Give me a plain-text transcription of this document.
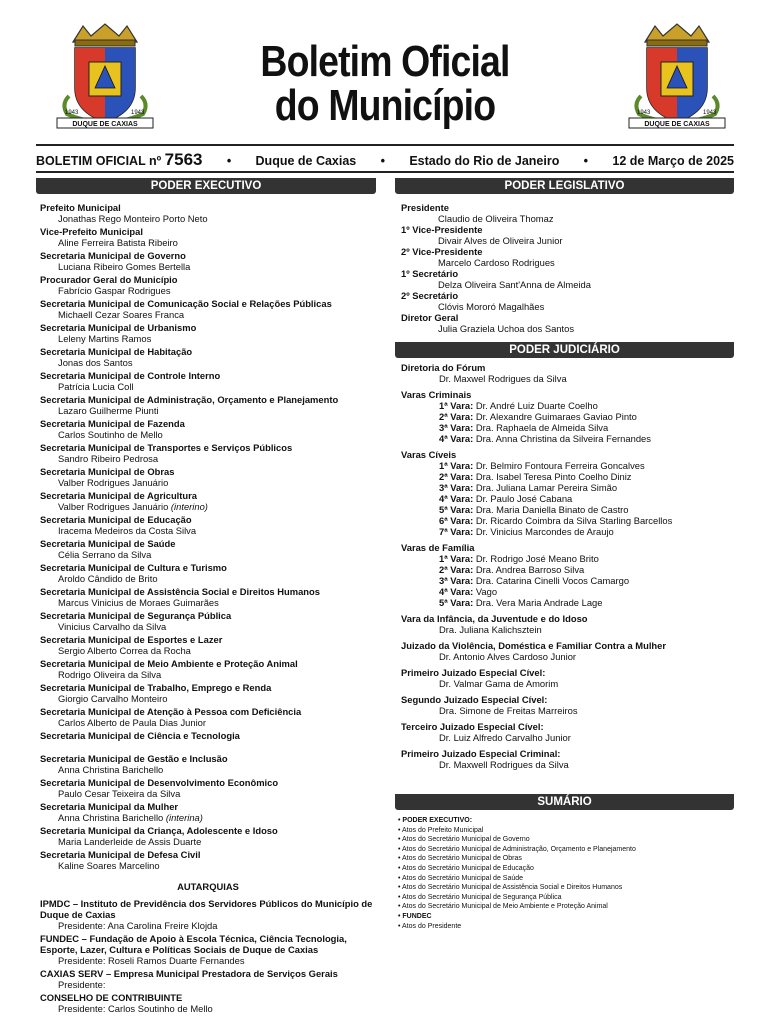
DUQUE DE CAXIAS
1943	1943
Boletim Oficial
do Município	DUQUE DE CAXIAS
1943	1943
BOLETIM OFICIAL nº 7563 • Duque de Caxias • Estado do Rio de Janeiro • 12 de Março de 2025
PODER EXECUTIVO	PODER LEGISLATIVO
Prefeito Municipal
Jonathas Rego Monteiro Porto Neto
Vice-Prefeito Municipal
Aline Ferreira Batista Ribeiro
Secretaria Municipal de Governo
Luciana Ribeiro Gomes Bertella
Procurador Geral do Município
Fabrício Gaspar Rodrigues
Secretaria Municipal de Comunicação Social e Relações Públicas
Michaell Cezar Soares Franca
Secretaria Municipal de Urbanismo
Leleny Martins Ramos
Secretaria Municipal de Habitação
Jonas dos Santos
Secretaria Municipal de Controle Interno
Patrícia Lucia Coll
Secretaria Municipal de Administração, Orçamento e Planejamento
Lazaro Guilherme Piunti
Secretaria Municipal de Fazenda
Carlos Soutinho de Mello
Secretaria Municipal de Transportes e Serviços Públicos
Sandro Ribeiro Pedrosa
Secretaria Municipal de Obras
Valber Rodrigues Januário
Secretaria Municipal de Agricultura
Valber Rodrigues Januário (interino)
Secretaria Municipal de Educação
Iracema Medeiros da Costa Silva
Secretaria Municipal de Saúde
Célia Serrano da Silva
Secretaria Municipal de Cultura e Turismo
Aroldo Cândido de Brito
Secretaria Municipal de Assistência Social e Direitos Humanos
Marcus Vinicius de Moraes Guimarães
Secretaria Municipal de Segurança Pública
Vinicius Carvalho da Silva
Secretaria Municipal de Esportes e Lazer
Sergio Alberto Correa da Rocha
Secretaria Municipal de Meio Ambiente e Proteção Animal
Rodrigo Oliveira da Silva
Secretaria Municipal de Trabalho, Emprego e Renda
Giorgio Carvalho Monteiro
Secretaria Municipal de Atenção à Pessoa com Deficiência
Carlos Alberto de Paula Dias Junior
Secretaria Municipal de Ciência e Tecnologia
Secretaria Municipal de Gestão e Inclusão
Anna Christina Barichello
Secretaria Municipal de Desenvolvimento Econômico
Paulo Cesar Teixeira da Silva
Secretaria Municipal da Mulher
Anna Christina Barichello (interina)
Secretaria Municipal da Criança, Adolescente e Idoso
Maria Landerleide de Assis Duarte
Secretaria Municipal de Defesa Civil
Kaline Soares Marcelino
AUTARQUIAS
IPMDC – Instituto de Previdência dos Servidores Públicos do Município de Duque de Caxias
Presidente: Ana Carolina Freire Klojda
FUNDEC – Fundação de Apoio à Escola Técnica, Ciência Tecnologia, Esporte, Lazer, Cultura e Políticas Sociais de Duque de Caxias
Presidente: Roseli Ramos Duarte Fernandes
CAXIAS SERV – Empresa Municipal Prestadora de Serviços Gerais
Presidente:
CONSELHO DE CONTRIBUINTE
Presidente: Carlos Soutinho de Mello
Presidente
Claudio de Oliveira Thomaz
1º Vice-Presidente
Divair Alves de Oliveira Junior
2º Vice-Presidente
Marcelo Cardoso Rodrigues
1º Secretário
Delza Oliveira Sant'Anna de Almeida
2º Secretário
Clóvis Mororó Magalhães
Diretor Geral
Julia Graziela Uchoa dos Santos
PODER JUDICIÁRIO
Diretoria do Fórum
Dr. Maxwel Rodrigues da Silva
Varas Criminais
1ª Vara: Dr. André Luiz Duarte Coelho
2ª Vara: Dr. Alexandre Guimaraes Gaviao Pinto
3ª Vara: Dra. Raphaela de Almeida Silva
4ª Vara: Dra. Anna Christina da Silveira Fernandes
Varas Cíveis
1ª Vara: Dr. Belmiro Fontoura Ferreira Goncalves
2ª Vara: Dra. Isabel Teresa Pinto Coelho Diniz
3ª Vara: Dra. Juliana Lamar Pereira Simão
4ª Vara: Dr. Paulo José Cabana
5ª Vara: Dra. Maria Daniella Binato de Castro
6ª Vara: Dr. Ricardo Coimbra da Silva Starling Barcellos
7ª Vara: Dr. Vinicius Marcondes de Araujo
Varas de Família
1ª Vara: Dr. Rodrigo José Meano Brito
2ª Vara: Dra. Andrea Barroso Silva
3ª Vara: Dra. Catarina Cinelli Vocos Camargo
4ª Vara: Vago
5ª Vara: Dra. Vera Maria Andrade Lage
Vara da Infância, da Juventude e do Idoso
Dra. Juliana Kalichsztein
Juizado da Violência, Doméstica e Familiar Contra a Mulher
Dr. Antonio Alves Cardoso Junior
Primeiro Juizado Especial Cível:
Dr. Valmar Gama de Amorim
Segundo Juizado Especial Cível:
Dra. Simone de Freitas Marreiros
Terceiro Juizado Especial Cível:
Dr. Luiz Alfredo Carvalho Junior
Primeiro Juizado Especial Criminal:
Dr. Maxwell Rodrigues da Silva
SUMÁRIO
• PODER EXECUTIVO:
• Atos do Prefeito Municipal
• Atos do Secretário Municipal de Governo
• Atos do Secretário Municipal de Administração, Orçamento e Planejamento
• Atos do Secretário Municipal de Obras
• Atos do Secretário Municipal de Educação
• Atos do Secretário Municipal de Saúde
• Atos do Secretário Municipal de Assistência Social e Direitos Humanos
• Atos do Secretário Municipal de Segurança Pública
• Atos do Secretário Municipal de Meio Ambiente e Proteção Animal
• FUNDEC
• Atos do Presidente
